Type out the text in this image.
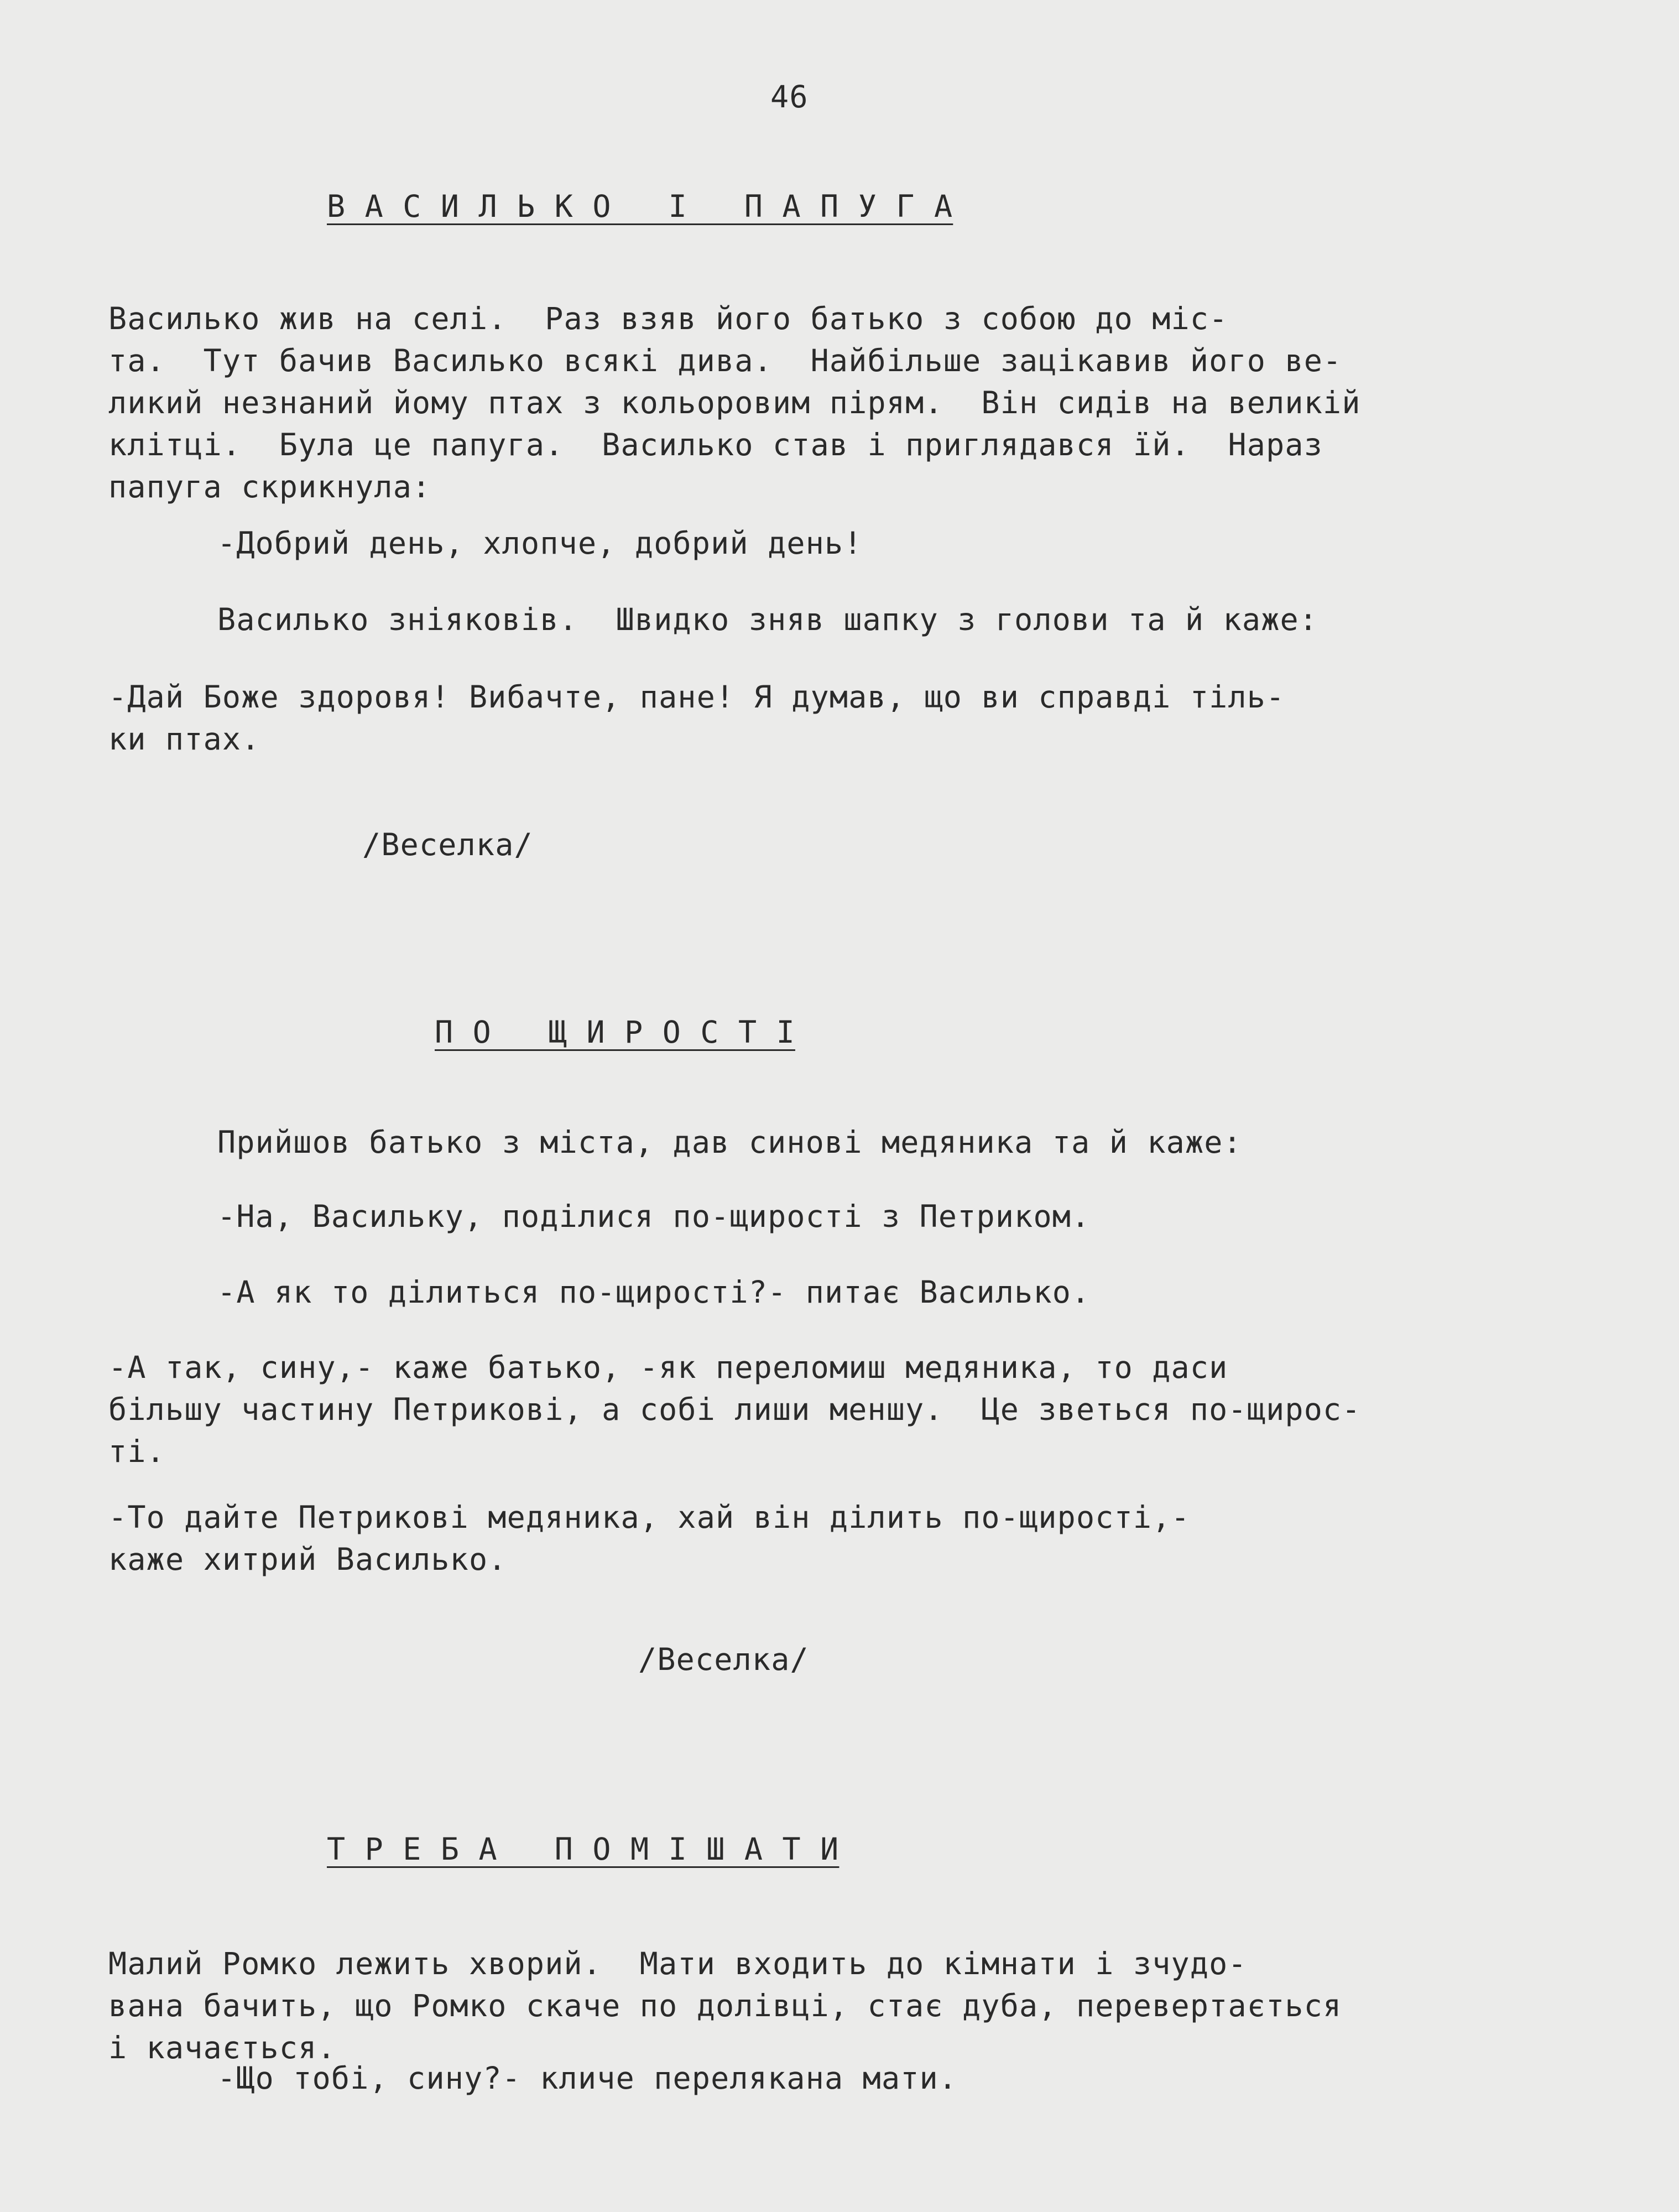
46

В А С И Л Ь К О   І   П А П У Г А

Василько жив на селі.  Раз взяв його батько з собою до міс-
та.  Тут бачив Василько всякі дива.  Найбільше зацікавив його ве-
ликий незнаний йому птах з кольоровим пірям.  Він сидів на великій
клітці.  Була це папуга.  Василько став і приглядався їй.  Нараз
папуга скрикнула:

-Добрий день, хлопче, добрий день!

Василько зніяковів.  Швидко зняв шапку з голови та й каже:

-Дай Боже здоровя! Вибачте, пане! Я думав, що ви справді тіль-
ки птах.

/Веселка/

П О   Щ И Р О С Т І

Прийшов батько з міста, дав синові медяника та й каже:

-На, Васильку, поділися по-щирості з Петриком.

-А як то ділиться по-щирості?- питає Василько.

-А так, сину,- каже батько, -як переломиш медяника, то даси
більшу частину Петрикові, а собі лиши меншу.  Це зветься по-щирос-
ті.

-То дайте Петрикові медяника, хай він ділить по-щирості,-
каже хитрий Василько.

/Веселка/

Т Р Е Б А   П О М І Ш А Т И

Малий Ромко лежить хворий.  Мати входить до кімнати і зчудо-
вана бачить, що Ромко скаче по долівці, стає дуба, перевертається
і качається.

-Що тобі, сину?- кличе перелякана мати.
